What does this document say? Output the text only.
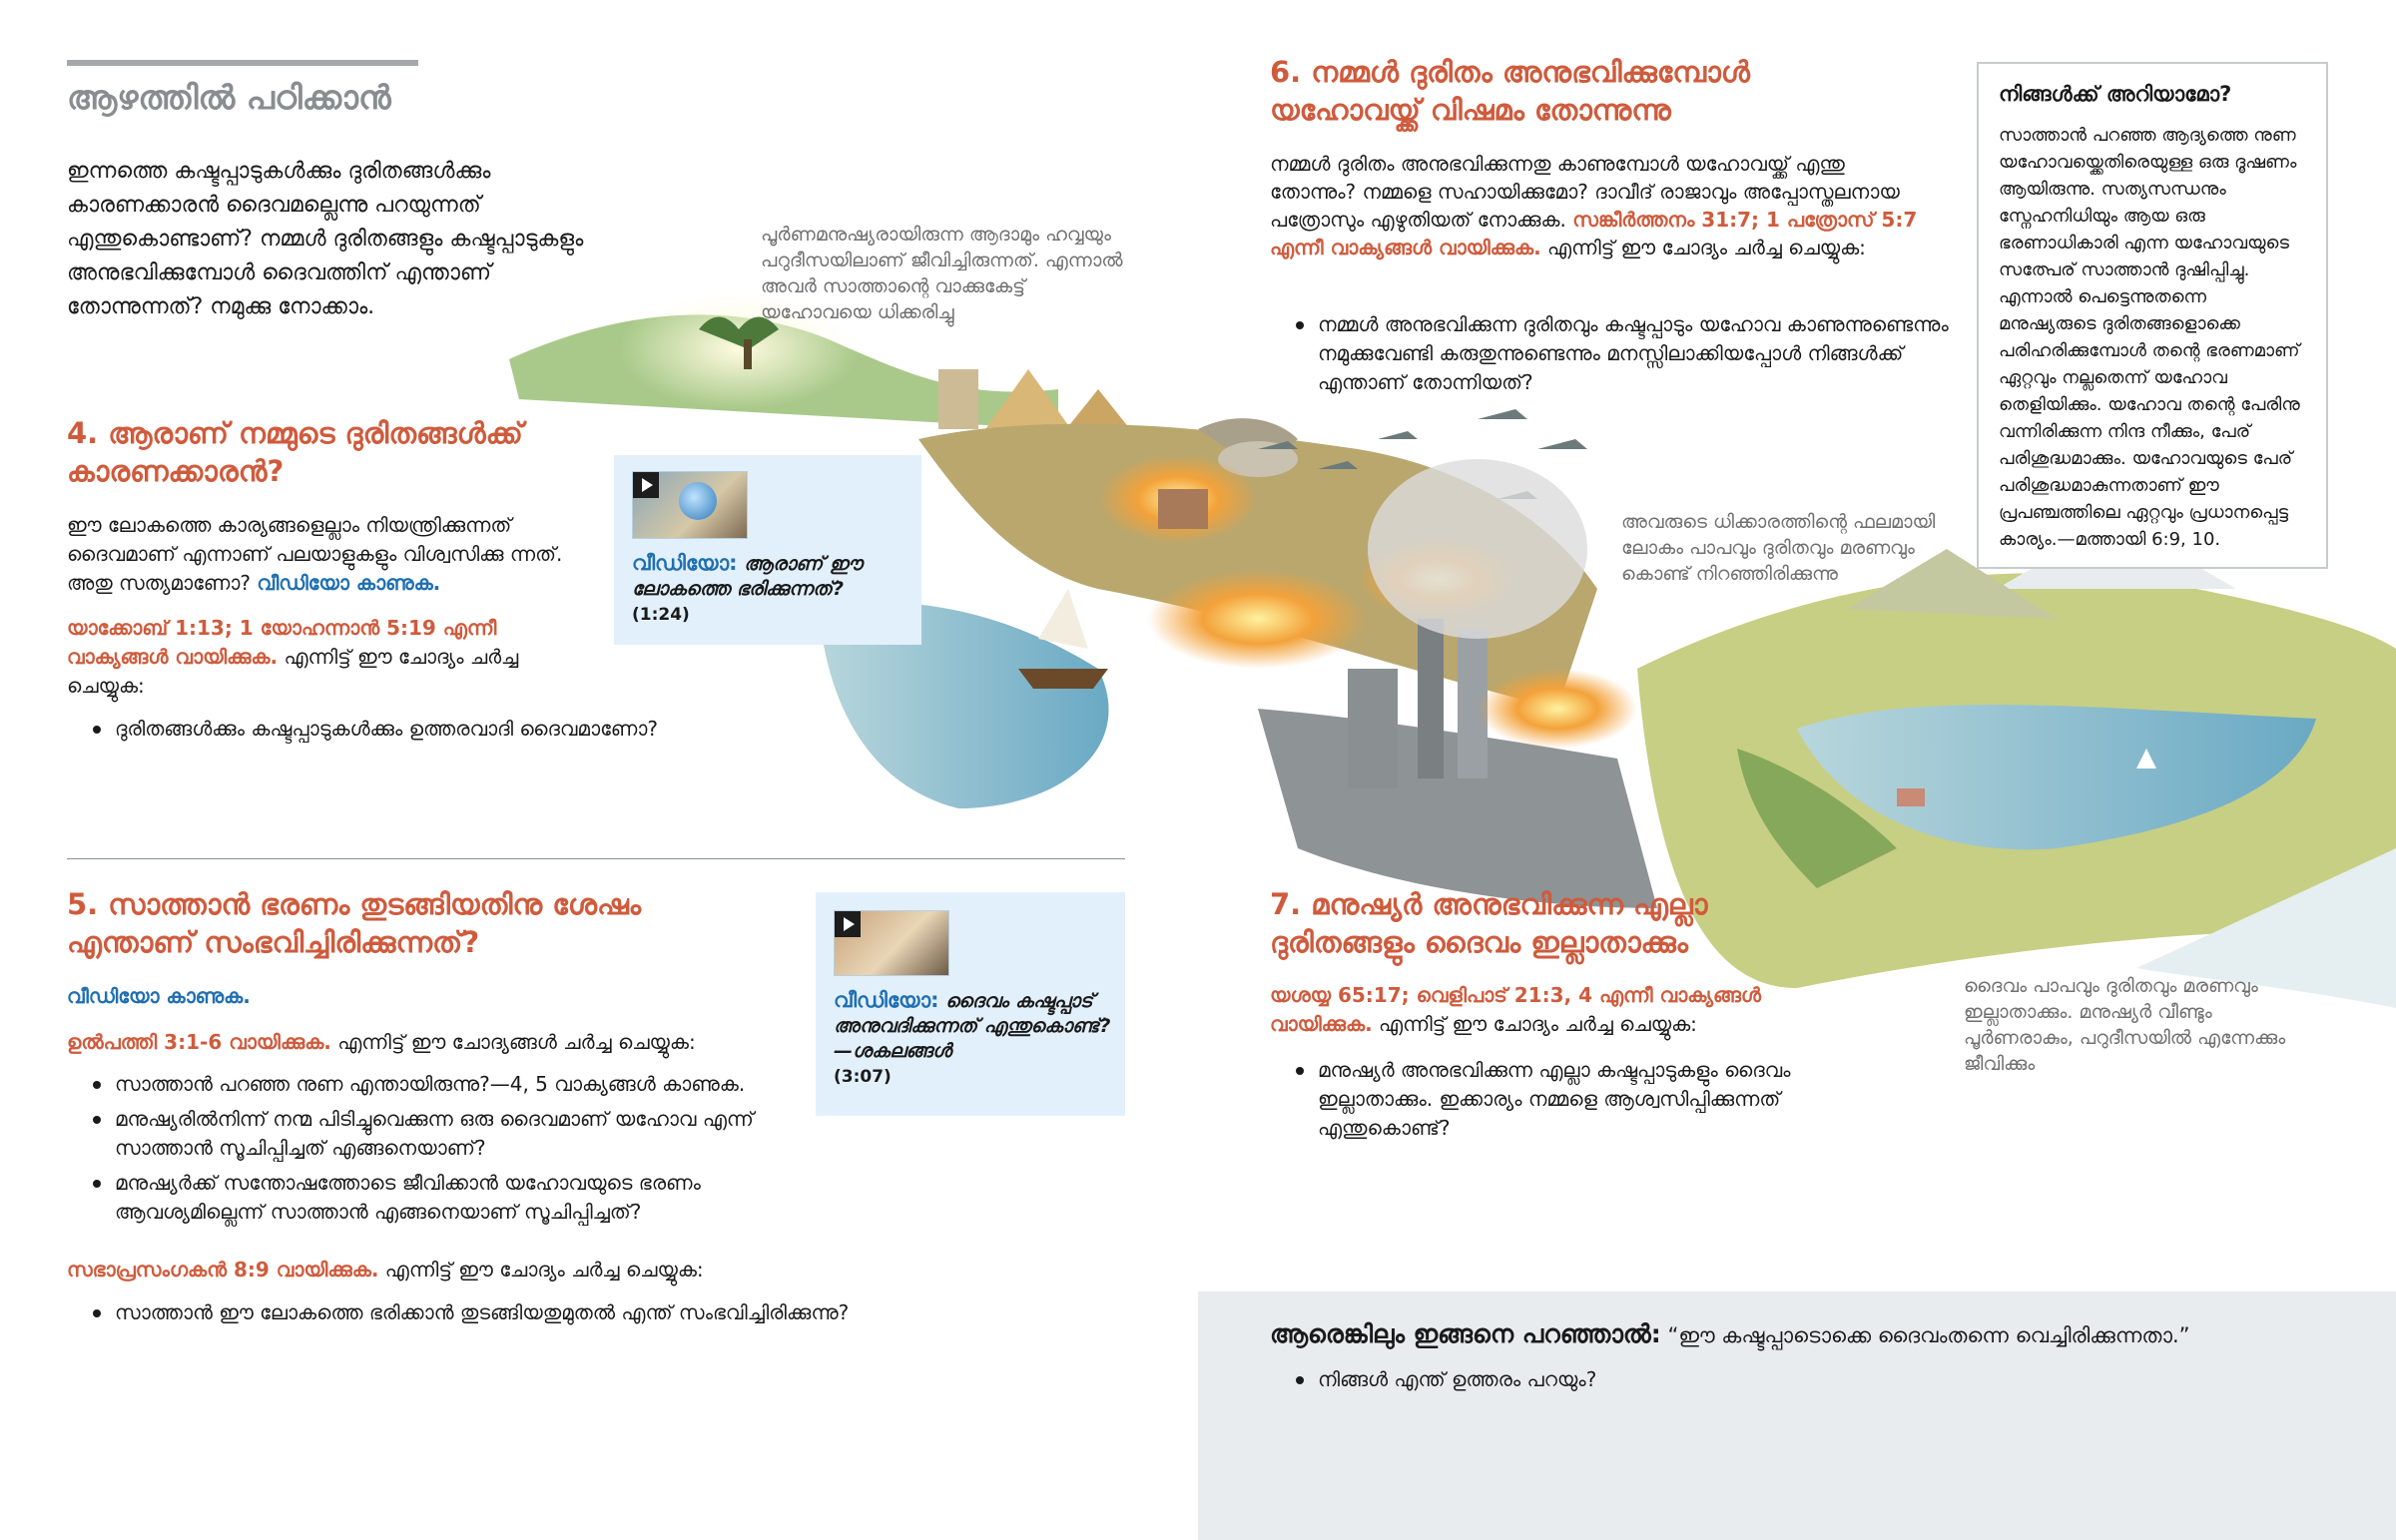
ആഴത്തിൽ പഠിക്കാൻ

ഇന്നത്തെ കഷ്ടപ്പാടുകൾക്കും ദുരിതങ്ങൾക്കും കാരണക്കാരൻ ദൈവമല്ലെന്നു പറയുന്നത് എന്തുകൊണ്ടാണ്? നമ്മൾ ദുരിതങ്ങളും കഷ്ടപ്പാടുകളും അനുഭവിക്കുമ്പോൾ ദൈവത്തിന് എന്താണ് തോന്നുന്നത്? നമുക്കു നോക്കാം.

പൂർണമനുഷ്യരായിരുന്ന ആദാമും ഹവ്വയും പറുദീസയിലാണ് ജീവിച്ചിരുന്നത്. എന്നാൽ അവർ സാത്താന്റെ വാക്കുകേട്ട് യഹോവയെ ധിക്കരിച്ചു
അവരുടെ ധിക്കാരത്തിന്റെ ഫലമായി ലോകം പാപവും ദുരിതവും മരണവും കൊണ്ട് നിറഞ്ഞിരിക്കുന്നു
ദൈവം പാപവും ദുരിതവും മരണവും ഇല്ലാതാക്കും. മനുഷ്യർ വീണ്ടും പൂർണരാകും, പറുദീസയിൽ എന്നേക്കും ജീവിക്കും
4. ആരാണ് നമ്മുടെ ദുരിതങ്ങൾക്ക് കാരണക്കാരൻ?

ഈ ലോകത്തെ കാര്യങ്ങളെല്ലാം നിയന്ത്രിക്കുന്നത് ദൈവമാണ് എന്നാണ് പലയാളുകളും വിശ്വസിക്കു ന്നത്. അതു സത്യമാണോ? വീഡിയോ കാണുക.

യാക്കോബ് 1:13; 1 യോഹന്നാൻ 5:19 എന്നീ വാക്യങ്ങൾ വായിക്കുക. എന്നിട്ട് ഈ ചോദ്യം ചർച്ച ചെയ്യുക:

ദുരിതങ്ങൾക്കും കഷ്ടപ്പാടുകൾക്കും ഉത്തരവാദി ദൈവമാണോ?
വീഡിയോ: ആരാണ് ഈ ലോകത്തെ ഭരിക്കുന്നത്?
(1:24)
5. സാത്താൻ ഭരണം തുടങ്ങിയതിനു ശേഷം എന്താണ് സംഭവിച്ചിരിക്കുന്നത്?
വീഡിയോ കാണുക.

ഉൽപത്തി 3:1-6 വായിക്കുക. എന്നിട്ട് ഈ ചോദ്യങ്ങൾ ചർച്ച ചെയ്യുക:

സാത്താൻ പറഞ്ഞ നുണ എന്തായിരുന്നു?—4, 5 വാക്യങ്ങൾ കാണുക.
മനുഷ്യരിൽനിന്ന് നന്മ പിടിച്ചുവെക്കുന്ന ഒരു ദൈവമാണ് യഹോവ എന്ന് സാത്താൻ സൂചിപ്പിച്ചത് എങ്ങനെയാണ്?
മനുഷ്യർക്ക് സന്തോഷത്തോടെ ജീവിക്കാൻ യഹോവയുടെ ഭരണം ആവശ്യമില്ലെന്ന് സാത്താൻ എങ്ങനെയാണ് സൂചിപ്പിച്ചത്?

സഭാപ്രസംഗകൻ 8:9 വായിക്കുക. എന്നിട്ട് ഈ ചോദ്യം ചർച്ച ചെയ്യുക:

സാത്താൻ ഈ ലോകത്തെ ഭരിക്കാൻ തുടങ്ങിയതുമുതൽ എന്ത് സംഭവിച്ചിരിക്കുന്നു?
വീഡിയോ: ദൈവം കഷ്ടപ്പാട് അനുവദിക്കുന്നത് എന്തുകൊണ്ട്?—ശകലങ്ങൾ
(3:07)
6. നമ്മൾ ദുരിതം അനുഭവിക്കുമ്പോൾ യഹോവയ്ക്ക് വിഷമം തോന്നുന്നു

നമ്മൾ ദുരിതം അനുഭവിക്കുന്നതു കാണുമ്പോൾ യഹോവയ്ക്ക് എന്തു തോന്നും? നമ്മളെ സഹായിക്കുമോ? ദാവീദ് രാജാവും അപ്പോസ്തലനായ പത്രോസും എഴുതിയത് നോക്കുക. സങ്കീർത്തനം 31:7; 1 പത്രോസ് 5:7 എന്നീ വാക്യങ്ങൾ വായിക്കുക. എന്നിട്ട് ഈ ചോദ്യം ചർച്ച ചെയ്യുക:

നമ്മൾ അനുഭവിക്കുന്ന ദുരിതവും കഷ്ടപ്പാടും യഹോവ കാണുന്നുണ്ടെന്നും നമുക്കുവേണ്ടി കരുതുന്നുണ്ടെന്നും മനസ്സിലാക്കിയപ്പോൾ നിങ്ങൾക്ക് എന്താണ് തോന്നിയത്?
നിങ്ങൾക്ക് അറിയാമോ?
സാത്താൻ പറഞ്ഞ ആദ്യത്തെ നുണ യഹോവയ്ക്കെതിരെയുള്ള ഒരു ദൂഷണം ആയിരുന്നു. സത്യസന്ധനും സ്നേഹനിധിയും ആയ ഒരു ഭരണാധികാരി എന്ന യഹോവയുടെ സത്പേര് സാത്താൻ ദുഷിപ്പിച്ചു. എന്നാൽ പെട്ടെന്നുതന്നെ മനുഷ്യരുടെ ദുരിതങ്ങളൊക്കെ പരിഹരിക്കുമ്പോൾ തന്റെ ഭരണമാണ് ഏറ്റവും നല്ലതെന്ന് യഹോവ തെളിയിക്കും. യഹോവ തന്റെ പേരിനു വന്നിരിക്കുന്ന നിന്ദ നീക്കും, പേര് പരിശുദ്ധമാക്കും. യഹോവയുടെ പേര് പരിശുദ്ധമാകുന്നതാണ് ഈ പ്രപഞ്ചത്തിലെ ഏറ്റവും പ്രധാനപ്പെട്ട കാര്യം.—മത്തായി 6:9, 10.
7. മനുഷ്യർ അനുഭവിക്കുന്ന എല്ലാ ദുരിതങ്ങളും ദൈവം ഇല്ലാതാക്കും

യശയ്യ 65:17; വെളിപാട് 21:3, 4 എന്നീ വാക്യങ്ങൾ വായിക്കുക. എന്നിട്ട് ഈ ചോദ്യം ചർച്ച ചെയ്യുക:

മനുഷ്യർ അനുഭവിക്കുന്ന എല്ലാ കഷ്ടപ്പാടുകളും ദൈവം ഇല്ലാതാക്കും. ഇക്കാര്യം നമ്മളെ ആശ്വസിപ്പിക്കുന്നത് എന്തുകൊണ്ട്?
ആരെങ്കിലും ഇങ്ങനെ പറഞ്ഞാൽ: “ഈ കഷ്ടപ്പാടൊക്കെ ദൈവംതന്നെ വെച്ചിരിക്കുന്നതാ.”
നിങ്ങൾ എന്ത് ഉത്തരം പറയും?
